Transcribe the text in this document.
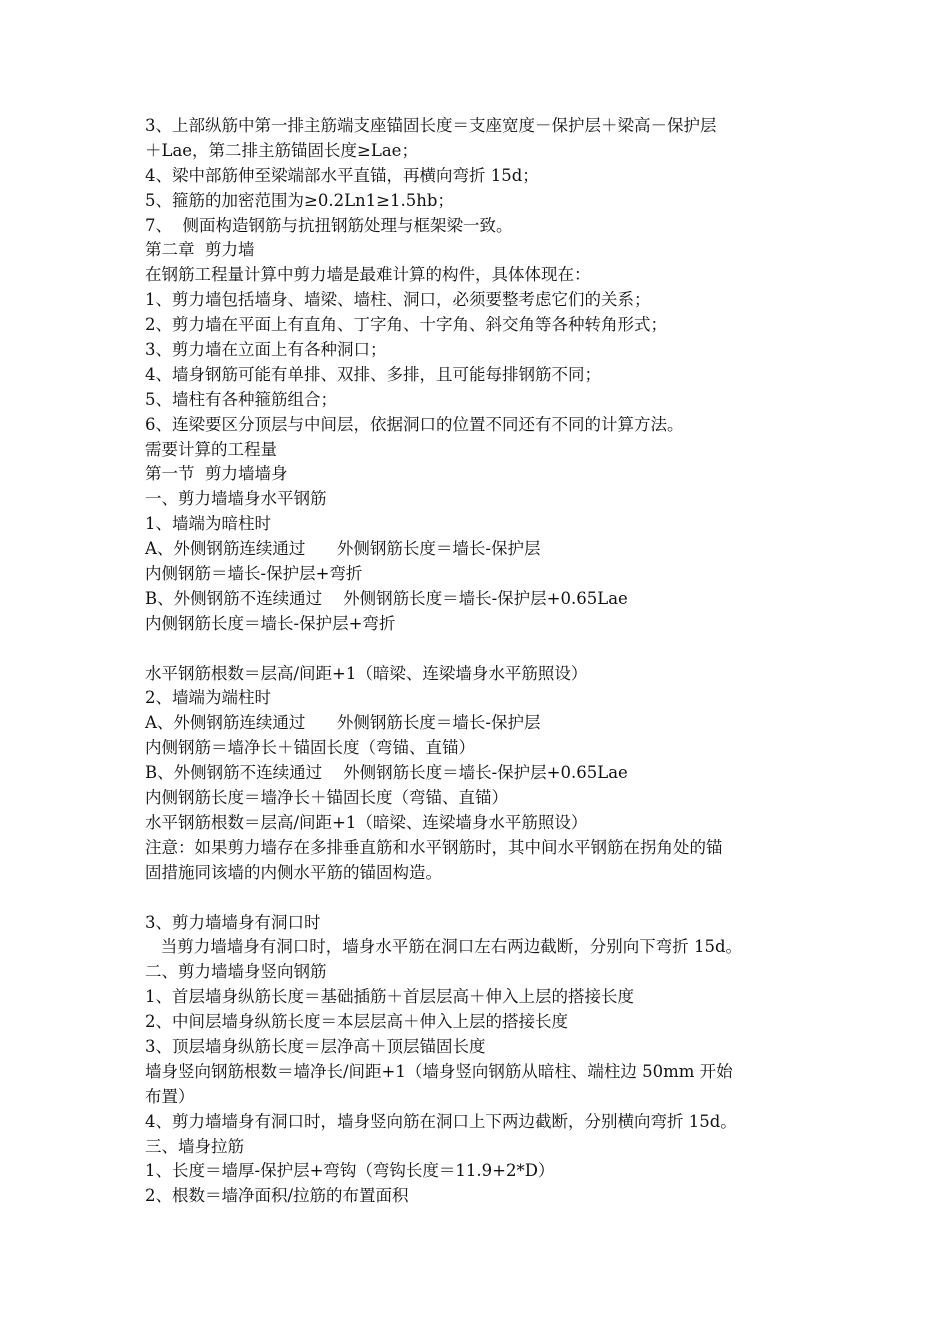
3、上部纵筋中第一排主筋端支座锚固长度＝支座宽度－保护层＋梁高－保护层
＋Lae，第二排主筋锚固长度≥Lae；
4、梁中部筋伸至梁端部水平直锚，再横向弯折 15d；
5、箍筋的加密范围为≥0.2Ln1≥1.5hb；
7、  侧面构造钢筋与抗扭钢筋处理与框架梁一致。
第二章  剪力墙
在钢筋工程量计算中剪力墙是最难计算的构件，具体体现在：
1、剪力墙包括墙身、墙梁、墙柱、洞口，必须要整考虑它们的关系；
2、剪力墙在平面上有直角、丁字角、十字角、斜交角等各种转角形式；
3、剪力墙在立面上有各种洞口；
4、墙身钢筋可能有单排、双排、多排，且可能每排钢筋不同；
5、墙柱有各种箍筋组合；
6、连梁要区分顶层与中间层，依据洞口的位置不同还有不同的计算方法。
需要计算的工程量
第一节  剪力墙墙身
一、剪力墙墙身水平钢筋
1、墙端为暗柱时
A、外侧钢筋连续通过      外侧钢筋长度＝墙长-保护层
内侧钢筋＝墙长-保护层+弯折
B、外侧钢筋不连续通过    外侧钢筋长度＝墙长-保护层+0.65Lae
内侧钢筋长度＝墙长-保护层+弯折
水平钢筋根数＝层高/间距+1（暗梁、连梁墙身水平筋照设）
2、墙端为端柱时
A、外侧钢筋连续通过      外侧钢筋长度＝墙长-保护层
内侧钢筋＝墙净长＋锚固长度（弯锚、直锚）
B、外侧钢筋不连续通过    外侧钢筋长度＝墙长-保护层+0.65Lae
内侧钢筋长度＝墙净长＋锚固长度（弯锚、直锚）
水平钢筋根数＝层高/间距+1（暗梁、连梁墙身水平筋照设）
注意：如果剪力墙存在多排垂直筋和水平钢筋时，其中间水平钢筋在拐角处的锚
固措施同该墙的内侧水平筋的锚固构造。
3、剪力墙墙身有洞口时
当剪力墙墙身有洞口时，墙身水平筋在洞口左右两边截断，分别向下弯折 15d。
二、剪力墙墙身竖向钢筋
1、首层墙身纵筋长度＝基础插筋＋首层层高＋伸入上层的搭接长度
2、中间层墙身纵筋长度＝本层层高＋伸入上层的搭接长度
3、顶层墙身纵筋长度＝层净高＋顶层锚固长度
墙身竖向钢筋根数＝墙净长/间距+1（墙身竖向钢筋从暗柱、端柱边 50mm 开始
布置）
4、剪力墙墙身有洞口时，墙身竖向筋在洞口上下两边截断，分别横向弯折 15d。
三、墙身拉筋
1、长度＝墙厚-保护层+弯钩（弯钩长度＝11.9+2*D）
2、根数＝墙净面积/拉筋的布置面积
